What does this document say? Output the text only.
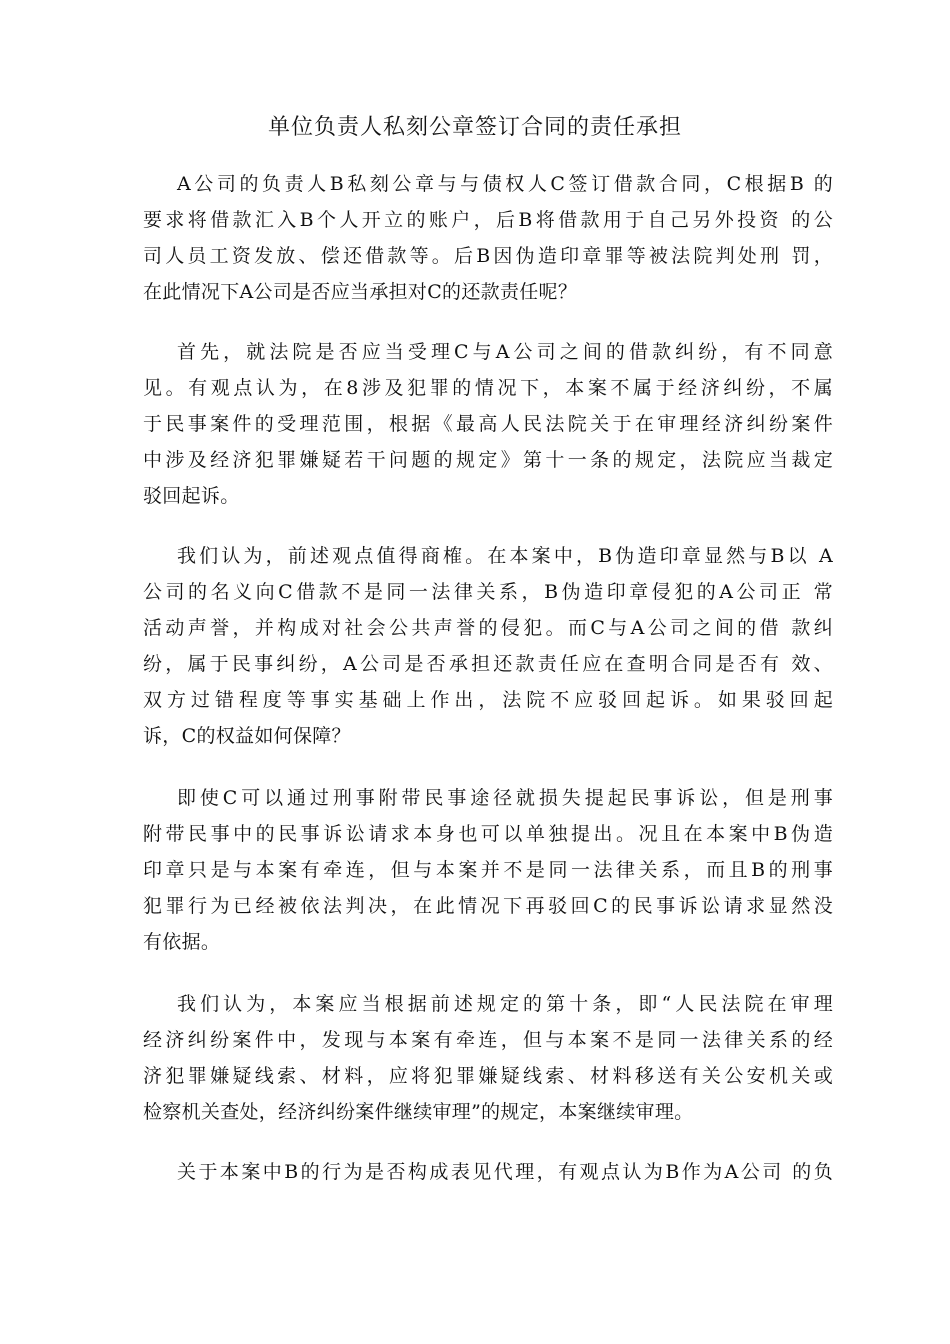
单位负责人私刻公章签订合同的责任承担
A公司的负责人B私刻公章与与债权人C签订借款合同，C根据B 的
要求将借款汇入B个人开立的账户，后B将借款用于自己另外投资 的公
司人员工资发放、偿还借款等。后B因伪造印章罪等被法院判处刑 罚，
在此情况下A公司是否应当承担对C的还款责任呢？
首先，就法院是否应当受理C与A公司之间的借款纠纷，有不同意
见。有观点认为，在8涉及犯罪的情况下，本案不属于经济纠纷，不属
于民事案件的受理范围，根据《最高人民法院关于在审理经济纠纷案件
中涉及经济犯罪嫌疑若干问题的规定》第十一条的规定，法院应当裁定
驳回起诉。
我们认为，前述观点值得商榷。在本案中，B伪造印章显然与B以 A
公司的名义向C借款不是同一法律关系，B伪造印章侵犯的A公司正 常
活动声誉，并构成对社会公共声誉的侵犯。而C与A公司之间的借 款纠
纷，属于民事纠纷，A公司是否承担还款责任应在查明合同是否有 效、
双方过错程度等事实基础上作出，法院不应驳回起诉。如果驳回起
诉，C的权益如何保障？
即使C可以通过刑事附带民事途径就损失提起民事诉讼，但是刑事
附带民事中的民事诉讼请求本身也可以单独提出。况且在本案中B伪造
印章只是与本案有牵连，但与本案并不是同一法律关系，而且B的刑事
犯罪行为已经被依法判决，在此情况下再驳回C的民事诉讼请求显然没
有依据。
我们认为，本案应当根据前述规定的第十条，即“人民法院在审理
经济纠纷案件中，发现与本案有牵连，但与本案不是同一法律关系的经
济犯罪嫌疑线索、材料，应将犯罪嫌疑线索、材料移送有关公安机关或
检察机关查处，经济纠纷案件继续审理”的规定，本案继续审理。
关于本案中B的行为是否构成表见代理，有观点认为B作为A公司 的负
